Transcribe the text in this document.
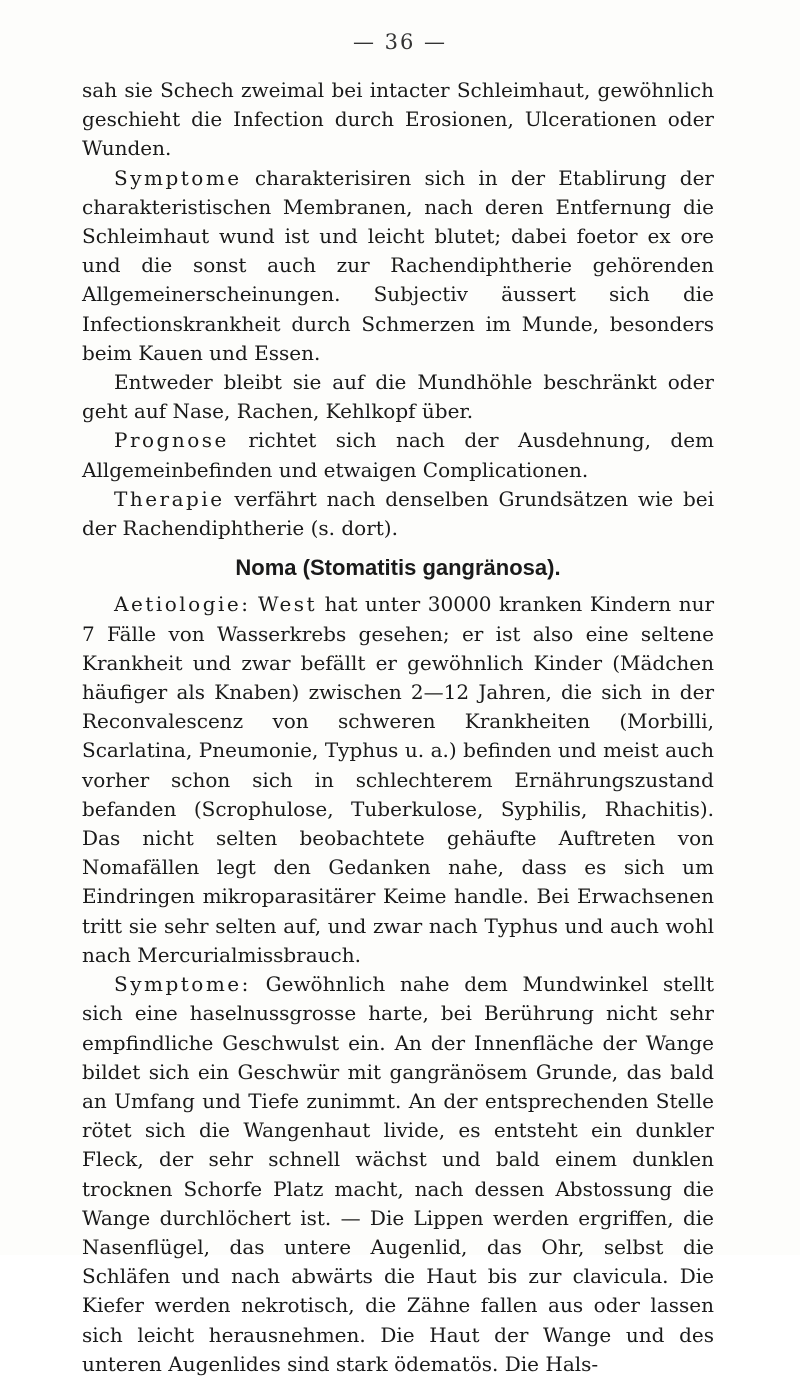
— 36 —

sah sie Schech zweimal bei intacter Schleimhaut, gewöhnlich geschieht die Infection durch Erosionen, Ulcerationen oder Wunden.

Symptome charakterisiren sich in der Etablirung der charakteristischen Membranen, nach deren Entfernung die Schleimhaut wund ist und leicht blutet; dabei foetor ex ore und die sonst auch zur Rachendiphtherie gehörenden Allgemeinerscheinungen. Subjectiv äussert sich die Infectionskrankheit durch Schmerzen im Munde, besonders beim Kauen und Essen.

Entweder bleibt sie auf die Mundhöhle beschränkt oder geht auf Nase, Rachen, Kehlkopf über.

Prognose richtet sich nach der Ausdehnung, dem Allgemeinbefinden und etwaigen Complicationen.

Therapie verfährt nach denselben Grundsätzen wie bei der Rachendiphtherie (s. dort).

Noma (Stomatitis gangränosa).

Aetiologie: West hat unter 30000 kranken Kindern nur 7 Fälle von Wasserkrebs gesehen; er ist also eine seltene Krankheit und zwar befällt er gewöhnlich Kinder (Mädchen häufiger als Knaben) zwischen 2—12 Jahren, die sich in der Reconvalescenz von schweren Krankheiten (Morbilli, Scarlatina, Pneumonie, Typhus u. a.) befinden und meist auch vorher schon sich in schlechterem Ernährungszustand befanden (Scrophulose, Tuberkulose, Syphilis, Rhachitis). Das nicht selten beobachtete gehäufte Auftreten von Nomafällen legt den Gedanken nahe, dass es sich um Eindringen mikroparasitärer Keime handle. Bei Erwachsenen tritt sie sehr selten auf, und zwar nach Typhus und auch wohl nach Mercurialmissbrauch.

Symptome: Gewöhnlich nahe dem Mundwinkel stellt sich eine haselnussgrosse harte, bei Berührung nicht sehr empfindliche Geschwulst ein. An der Innenfläche der Wange bildet sich ein Geschwür mit gangränösem Grunde, das bald an Umfang und Tiefe zunimmt. An der entsprechenden Stelle rötet sich die Wangenhaut livide, es entsteht ein dunkler Fleck, der sehr schnell wächst und bald einem dunklen trocknen Schorfe Platz macht, nach dessen Abstossung die Wange durchlöchert ist. — Die Lippen werden ergriffen, die Nasenflügel, das untere Augenlid, das Ohr, selbst die Schläfen und nach abwärts die Haut bis zur clavicula. Die Kiefer werden nekrotisch, die Zähne fallen aus oder lassen sich leicht herausnehmen. Die Haut der Wange und des unteren Augenlides sind stark ödematös. Die Hals-
